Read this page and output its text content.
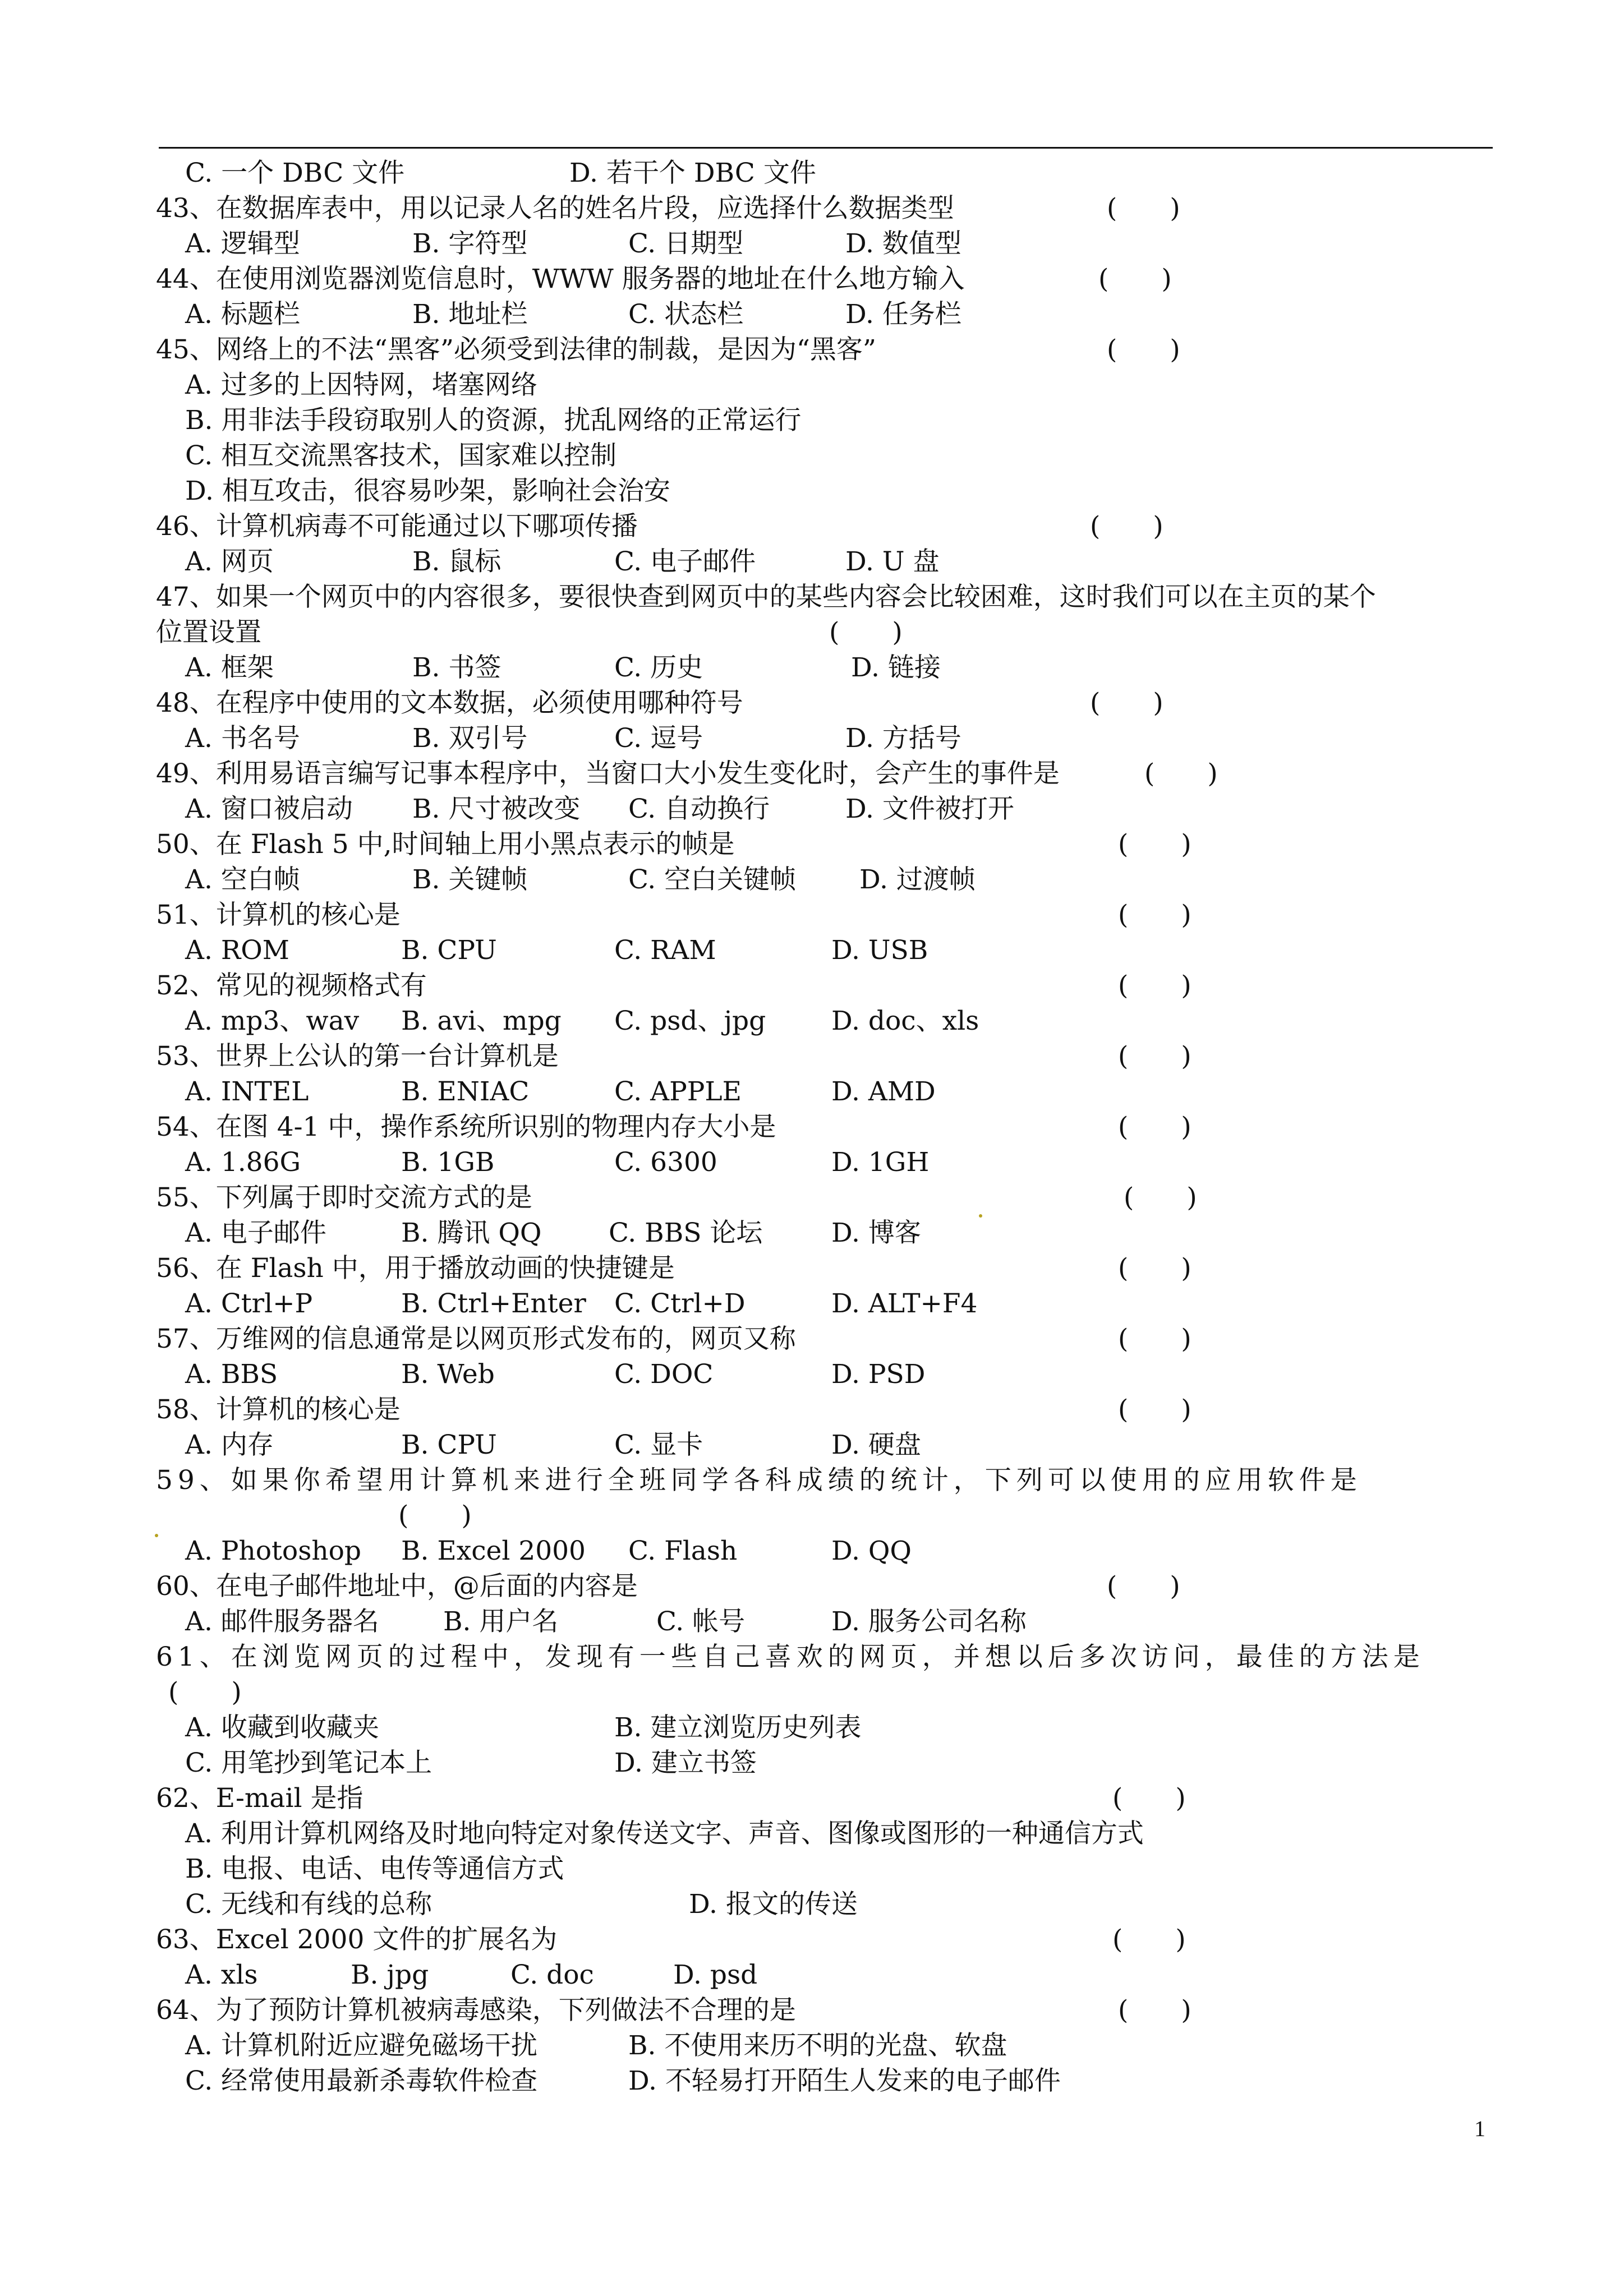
C. 一个 DBC 文件	D. 若干个 DBC 文件
43、在数据库表中，用以记录人名的姓名片段，应选择什么数据类型	(　　)
A. 逻辑型	B. 字符型	C. 日期型	D. 数值型
44、在使用浏览器浏览信息时，WWW 服务器的地址在什么地方输入	(　　)
A. 标题栏	B. 地址栏	C. 状态栏	D. 任务栏
45、网络上的不法“黑客”必须受到法律的制裁，是因为“黑客”	(　　)
A. 过多的上因特网，堵塞网络
B. 用非法手段窃取别人的资源，扰乱网络的正常运行
C. 相互交流黑客技术，国家难以控制
D. 相互攻击，很容易吵架，影响社会治安
46、计算机病毒不可能通过以下哪项传播	(　　)
A. 网页	B. 鼠标	C. 电子邮件	D. U 盘
47、如果一个网页中的内容很多，要很快查到网页中的某些内容会比较困难，这时我们可以在主页的某个
位置设置	(　　)
A. 框架	B. 书签	C. 历史	D. 链接
48、在程序中使用的文本数据，必须使用哪种符号	(　　)
A. 书名号	B. 双引号	C. 逗号	D. 方括号
49、利用易语言编写记事本程序中，当窗口大小发生变化时，会产生的事件是	(　　)
A. 窗口被启动 B. 尺寸被改变 C. 自动换行	D. 文件被打开
50、在 Flash 5 中,时间轴上用小黑点表示的帧是	(　　)
A. 空白帧	B. 关键帧	C. 空白关键帧 D. 过渡帧
51、计算机的核心是	(　　)
A. ROM	B. CPU	C. RAM	D. USB
52、常见的视频格式有	(　　)
A. mp3、wav B. avi、mpg C. psd、jpg D. doc、xls
53、世界上公认的第一台计算机是	(　　)
A. INTEL	B. ENIAC	C. APPLE	D. AMD
54、在图 4-1 中，操作系统所识别的物理内存大小是	(　　)
A. 1.86G	B. 1GB	C. 6300	D. 1GH
55、下列属于即时交流方式的是	(　　)
A. 电子邮件	B. 腾讯 QQ	C. BBS 论坛	D. 博客
56、在 Flash 中，用于播放动画的快捷键是	(　　)
A. Ctrl+P	B. Ctrl+Enter C. Ctrl+D	D. ALT+F4
57、万维网的信息通常是以网页形式发布的，网页又称	(　　)
A. BBS	B. Web	C. DOC	D. PSD
58、计算机的核心是	(　　)
A. 内存	B. CPU	C. 显卡	D. 硬盘
59、如果你希望用计算机来进行全班同学各科成绩的统计，下列可以使用的应用软件是
(　　)
A. Photoshop B. Excel 2000 C. Flash	D. QQ
60、在电子邮件地址中，@后面的内容是	(　　)
A. 邮件服务器名 B. 用户名	C. 帐号	D. 服务公司名称
61、在浏览网页的过程中，发现有一些自己喜欢的网页，并想以后多次访问，最佳的方法是
(　　)
A. 收藏到收藏夹	B. 建立浏览历史列表
C. 用笔抄到笔记本上	D. 建立书签
62、E-mail 是指	(　　)
A. 利用计算机网络及时地向特定对象传送文字、声音、图像或图形的一种通信方式
B. 电报、电话、电传等通信方式
C. 无线和有线的总称	D. 报文的传送
63、Excel 2000 文件的扩展名为	(　　)
A. xls	B. jpg	C. doc	D. psd
64、为了预防计算机被病毒感染，下列做法不合理的是	(　　)
A. 计算机附近应避免磁场干扰	B. 不使用来历不明的光盘、软盘
C. 经常使用最新杀毒软件检查	D. 不轻易打开陌生人发来的电子邮件
1
